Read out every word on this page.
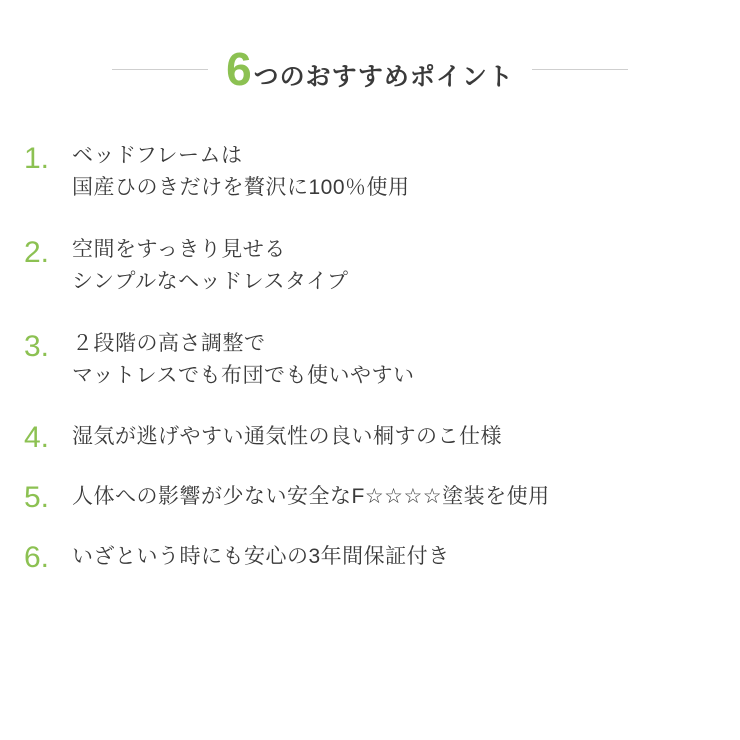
6 つのおすすめポイント
1.	ベッドフレームは
国産ひのきだけを贅沢に100％使用
2.	空間をすっきり見せる
シンプルなヘッドレスタイプ
3.	２段階の高さ調整で
マットレスでも布団でも使いやすい
4.	湿気が逃げやすい通気性の良い桐すのこ仕様
5.	人体への影響が少ない安全なF☆☆☆☆塗装を使用
6.	いざという時にも安心の3年間保証付き
